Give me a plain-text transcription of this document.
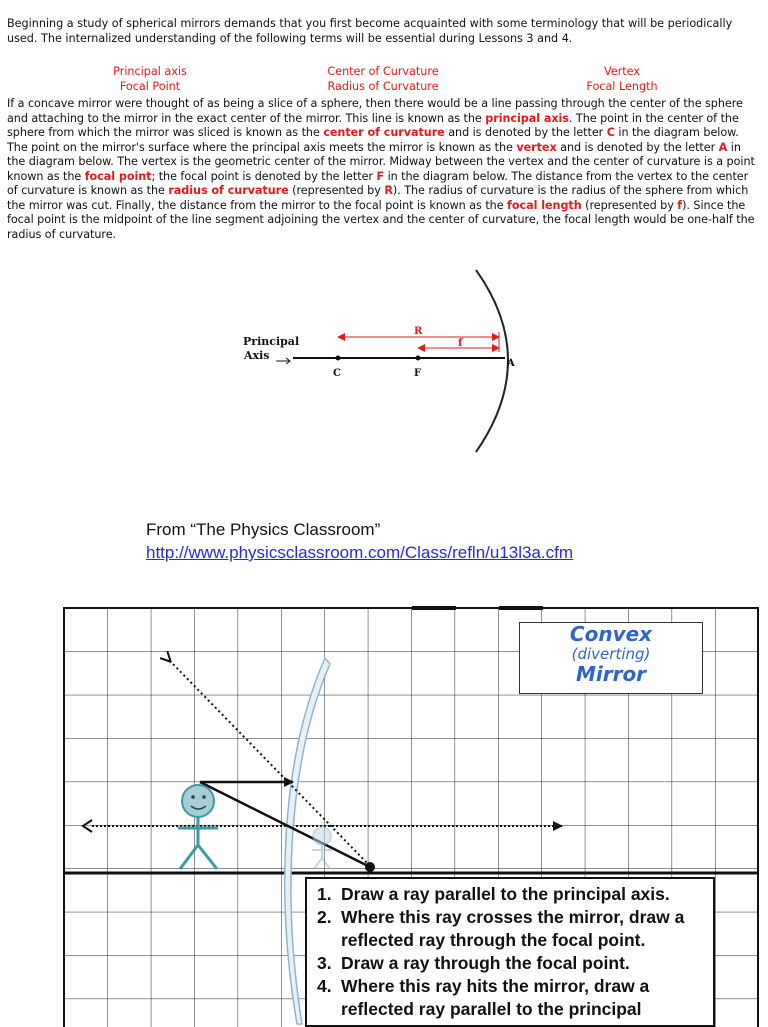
Beginning a study of spherical mirrors demands that you first become acquainted with some terminology that will be periodically used. The internalized understanding of the following terms will be essential during Lessons 3 and 4.

Principal axis
Focal Point
Center of Curvature
Radius of Curvature
Vertex
Focal Length

If a concave mirror were thought of as being a slice of a sphere, then there would be a line passing through the center of the sphere and attaching to the mirror in the exact center of the mirror. This line is known as the principal axis. The point in the center of the sphere from which the mirror was sliced is known as the center of curvature and is denoted by the letter C in the diagram below. The point on the mirror's surface where the principal axis meets the mirror is known as the vertex and is denoted by the letter A in the diagram below. The vertex is the geometric center of the mirror. Midway between the vertex and the center of curvature is a point known as the focal point; the focal point is denoted by the letter F in the diagram below. The distance from the vertex to the center of curvature is known as the radius of curvature (represented by R). The radius of curvature is the radius of the sphere from which the mirror was cut. Finally, the distance from the mirror to the focal point is known as the focal length (represented by f). Since the focal point is the midpoint of the line segment adjoining the vertex and the center of curvature, the focal length would be one-half the radius of curvature.

R
f
A
C	F
Principal
Axis
From “The Physics Classroom”
http://www.physicsclassroom.com/Class/refln/u13l3a.cfm
Convex
(diverting)
Mirror
1. Draw a ray parallel to the principal axis.
2. Where this ray crosses the mirror, draw a reflected ray through the focal point.
3. Draw a ray through the focal point.
4. Where this ray hits the mirror, draw a reflected ray parallel to the principal
